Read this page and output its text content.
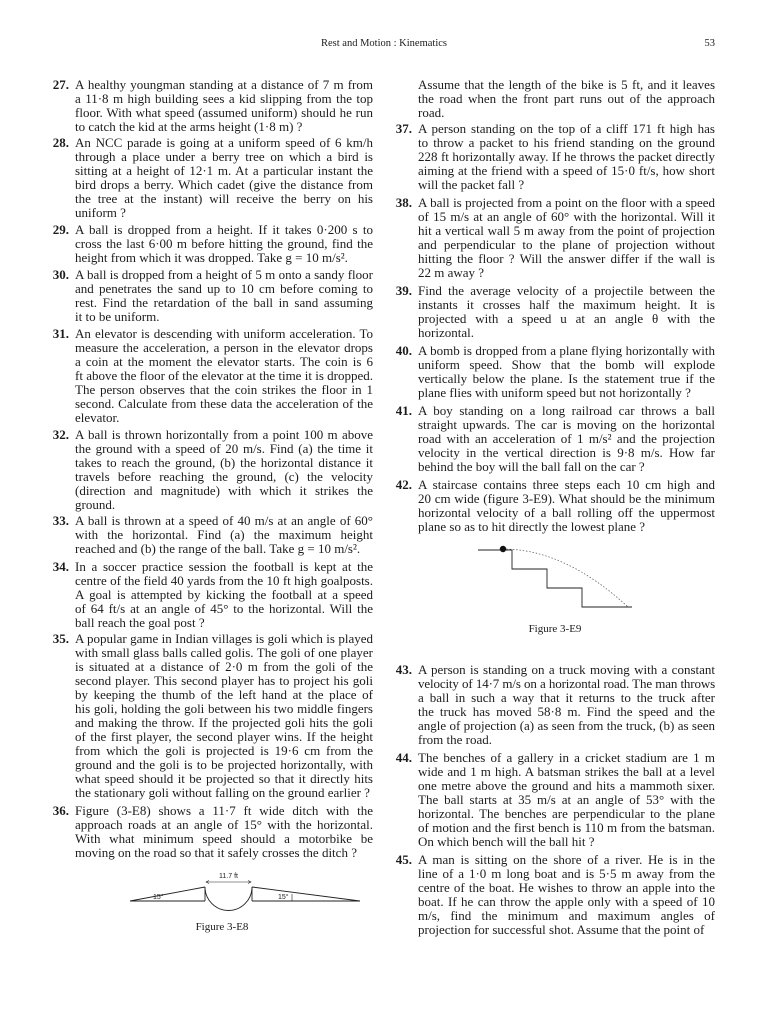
Rest and Motion : Kinematics	53
27. A healthy youngman standing at a distance of 7 m from
a 11·8 m high building sees a kid slipping from the top
floor. With what speed (assumed uniform) should he run
to catch the kid at the arms height (1·8 m) ?
28. An NCC parade is going at a uniform speed of 6 km/h
through a place under a berry tree on which a bird is
sitting at a height of 12·1 m. At a particular instant the
bird drops a berry. Which cadet (give the distance from
the tree at the instant) will receive the berry on his
uniform ?
29. A ball is dropped from a height. If it takes 0·200 s to
cross the last 6·00 m before hitting the ground, find the
height from which it was dropped. Take g = 10 m/s².
30. A ball is dropped from a height of 5 m onto a sandy floor
and penetrates the sand up to 10 cm before coming to
rest. Find the retardation of the ball in sand assuming
it to be uniform.
31. An elevator is descending with uniform acceleration. To
measure the acceleration, a person in the elevator drops
a coin at the moment the elevator starts. The coin is 6
ft above the floor of the elevator at the time it is dropped.
The person observes that the coin strikes the floor in 1
second. Calculate from these data the acceleration of the
elevator.
32. A ball is thrown horizontally from a point 100 m above
the ground with a speed of 20 m/s. Find (a) the time it
takes to reach the ground, (b) the horizontal distance it
travels before reaching the ground, (c) the velocity
(direction and magnitude) with which it strikes the
ground.
33. A ball is thrown at a speed of 40 m/s at an angle of 60°
with the horizontal. Find (a) the maximum height
reached and (b) the range of the ball. Take g = 10 m/s².
34. In a soccer practice session the football is kept at the
centre of the field 40 yards from the 10 ft high goalposts.
A goal is attempted by kicking the football at a speed
of 64 ft/s at an angle of 45° to the horizontal. Will the
ball reach the goal post ?
35. A popular game in Indian villages is goli which is played
with small glass balls called golis. The goli of one player
is situated at a distance of 2·0 m from the goli of the
second player. This second player has to project his goli
by keeping the thumb of the left hand at the place of
his goli, holding the goli between his two middle fingers
and making the throw. If the projected goli hits the goli
of the first player, the second player wins. If the height
from which the goli is projected is 19·6 cm from the
ground and the goli is to be projected horizontally, with
what speed should it be projected so that it directly hits
the stationary goli without falling on the ground earlier ?
36. Figure (3-E8) shows a 11·7 ft wide ditch with the
approach roads at an angle of 15° with the horizontal.
With what minimum speed should a motorbike be
moving on the road so that it safely crosses the ditch ?
Assume that the length of the bike is 5 ft, and it leaves
the road when the front part runs out of the approach
road.
37. A person standing on the top of a cliff 171 ft high has
to throw a packet to his friend standing on the ground
228 ft horizontally away. If he throws the packet directly
aiming at the friend with a speed of 15·0 ft/s, how short
will the packet fall ?
38. A ball is projected from a point on the floor with a speed
of 15 m/s at an angle of 60° with the horizontal. Will it
hit a vertical wall 5 m away from the point of projection
and perpendicular to the plane of projection without
hitting the floor ? Will the answer differ if the wall is
22 m away ?
39. Find the average velocity of a projectile between the
instants it crosses half the maximum height. It is
projected with a speed u at an angle θ with the
horizontal.
40. A bomb is dropped from a plane flying horizontally with
uniform speed. Show that the bomb will explode
vertically below the plane. Is the statement true if the
plane flies with uniform speed but not horizontally ?
41. A boy standing on a long railroad car throws a ball
straight upwards. The car is moving on the horizontal
road with an acceleration of 1 m/s² and the projection
velocity in the vertical direction is 9·8 m/s. How far
behind the boy will the ball fall on the car ?
42. A staircase contains three steps each 10 cm high and
20 cm wide (figure 3-E9). What should be the minimum
horizontal velocity of a ball rolling off the uppermost
plane so as to hit directly the lowest plane ?
43. A person is standing on a truck moving with a constant
velocity of 14·7 m/s on a horizontal road. The man throws
a ball in such a way that it returns to the truck after
the truck has moved 58·8 m. Find the speed and the
angle of projection (a) as seen from the truck, (b) as seen
from the road.
44. The benches of a gallery in a cricket stadium are 1 m
wide and 1 m high. A batsman strikes the ball at a level
one metre above the ground and hits a mammoth sixer.
The ball starts at 35 m/s at an angle of 53° with the
horizontal. The benches are perpendicular to the plane
of motion and the first bench is 110 m from the batsman.
On which bench will the ball hit ?
45. A man is sitting on the shore of a river. He is in the
line of a 1·0 m long boat and is 5·5 m away from the
centre of the boat. He wishes to throw an apple into the
boat. If he can throw the apple only with a speed of 10
m/s, find the minimum and maximum angles of
projection for successful shot. Assume that the point of
11.7 ft
15°	15°
Figure 3-E8
Figure 3-E9
